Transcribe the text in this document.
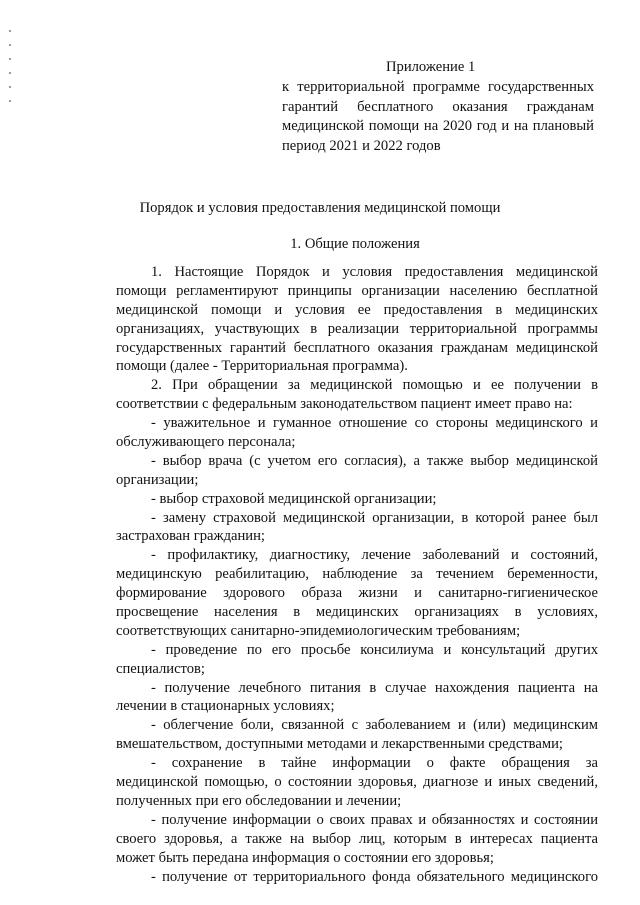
Приложение 1
к территориальной программе государственных
гарантий бесплатного оказания гражданам
медицинской помощи на 2020 год и на плановый
период 2021 и 2022 годов
Порядок и условия предоставления медицинской помощи
1. Общие положения
1. Настоящие Порядок и условия предоставления медицинской
помощи регламентируют принципы организации населению бесплатной
медицинской помощи и условия ее предоставления в медицинских
организациях, участвующих в реализации территориальной программы
государственных гарантий бесплатного оказания гражданам медицинской
помощи (далее - Территориальная программа).
2. При обращении за медицинской помощью и ее получении в
соответствии с федеральным законодательством пациент имеет право на:
- уважительное и гуманное отношение со стороны медицинского и
обслуживающего персонала;
- выбор врача (с учетом его согласия), а также выбор медицинской
организации;
- выбор страховой медицинской организации;
- замену страховой медицинской организации, в которой ранее был
застрахован гражданин;
- профилактику, диагностику, лечение заболеваний и состояний,
медицинскую реабилитацию, наблюдение за течением беременности,
формирование здорового образа жизни и санитарно-гигиеническое
просвещение населения в медицинских организациях в условиях,
соответствующих санитарно-эпидемиологическим требованиям;
- проведение по его просьбе консилиума и консультаций других
специалистов;
- получение лечебного питания в случае нахождения пациента на
лечении в стационарных условиях;
- облегчение боли, связанной с заболеванием и (или) медицинским
вмешательством, доступными методами и лекарственными средствами;
- сохранение в тайне информации о факте обращения за
медицинской помощью, о состоянии здоровья, диагнозе и иных сведений,
полученных при его обследовании и лечении;
- получение информации о своих правах и обязанностях и состоянии
своего здоровья, а также на выбор лиц, которым в интересах пациента
может быть передана информация о состоянии его здоровья;
- получение от территориального фонда обязательного медицинского
